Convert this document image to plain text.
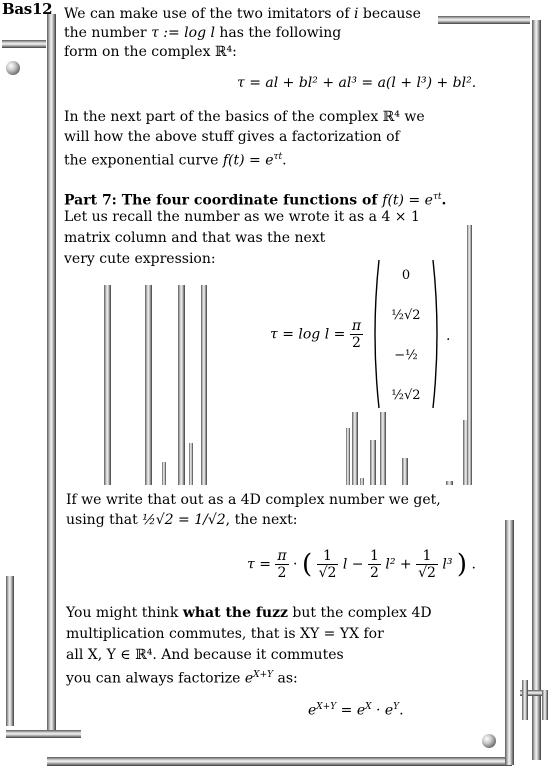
Bas12 We can make use of the two imitators of i because
the number τ := log l has the following
form on the complex ℝ⁴:
τ = al + bl² + al³ = a(l + l³) + bl².
In the next part of the basics of the complex ℝ⁴ we
will how the above stuff gives a factorization of
the exponential curve $f(t) = e^{\tau t}$.
Part 7: The four coordinate functions of $f(t) = e^{\tau t}$.
Let us recall the number as we wrote it as a 4 × 1
matrix column and that was the next
very cute expression:
$\tau = \log l = \frac{\pi}{2}$
0
½√2
−½
½√2
.
If we write that out as a 4D complex number we get,
using that ½√2 = 1/√2, the next:
$\tau = \frac{\pi}{2}$ · ( $\frac{1}{√2}$ $l - \frac{1}{2} l^2 + \frac{1}{√2} l^3$ ) .
You might think what the fuzz but the complex 4D
multiplication commutes, that is XY = YX for
all X, Y ∈ ℝ⁴. And because it commutes
you can always factorize $e^{X+Y}$ as:
$e^{X+Y} = e^X \cdot e^Y$.
